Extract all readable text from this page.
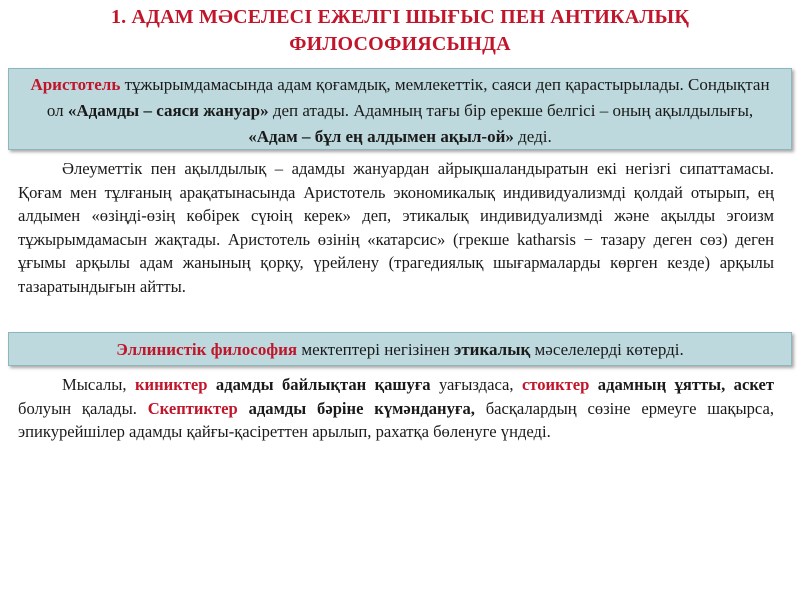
1. АДАМ МӘСЕЛЕСІ ЕЖЕЛГІ ШЫҒЫС ПЕН АНТИКАЛЫҚ ФИЛОСОФИЯСЫНДА
Аристотель тұжырымдамасында адам қоғамдық, мемлекеттік, саяси деп қарастырылады. Сондықтан ол «Адамды – саяси жануар» деп атады. Адамның тағы бір ерекше белгісі – оның ақылдылығы, «Адам – бұл ең алдымен ақыл-ой» деді.
Әлеуметтік пен ақылдылық – адамды жануардан айрықшаландыратын екі негізгі сипаттамасы. Қоғам мен тұлғаның арақатынасында Аристотель экономикалық индивидуализмді қолдай отырып, ең алдымен «өзіңді-өзің көбірек сүюің керек» деп, этикалық индивидуализмді және ақылды эгоизм тұжырымдамасын жақтады. Аристотель өзінің «катарсис» (грекше katharsis − тазару деген сөз) деген ұғымы арқылы адам жанының қорқу, үрейлену (трагедиялық шығармаларды көрген кезде) арқылы тазаратындығын айтты.
Эллинистік философия мектептері негізінен этикалық мәселелерді көтерді.
Мысалы, киниктер адамды байлықтан қашуға уағыздаса, стоиктер адамның ұятты, аскет болуын қалады. Скептиктер адамды бәріне күмәндануға, басқалардың сөзіне ермеуге шақырса, эпикурейшілер адамды қайғы-қасіреттен арылып, рахатқа бөленуге үндеді.
